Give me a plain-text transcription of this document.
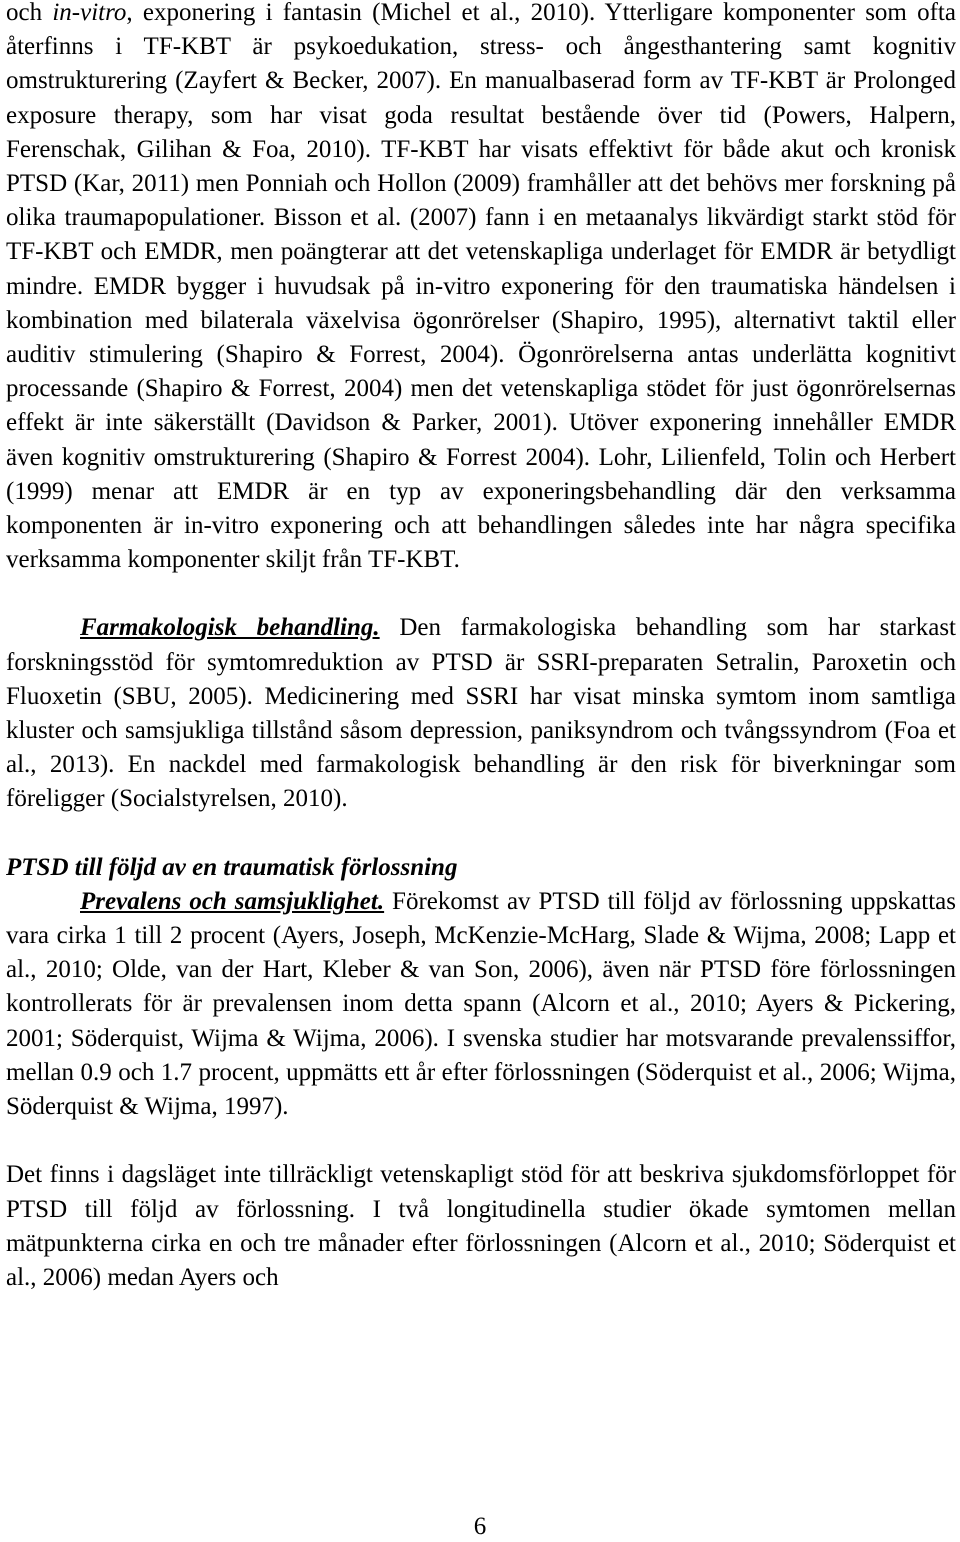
och in-vitro, exponering i fantasin (Michel et al., 2010). Ytterligare komponenter som ofta återfinns i TF-KBT är psykoedukation, stress- och ångesthantering samt kognitiv omstrukturering (Zayfert & Becker, 2007). En manualbaserad form av TF-KBT är Prolonged exposure therapy, som har visat goda resultat bestående över tid (Powers, Halpern, Ferenschak, Gilihan & Foa, 2010). TF-KBT har visats effektivt för både akut och kronisk PTSD (Kar, 2011) men Ponniah och Hollon (2009) framhåller att det behövs mer forskning på olika traumapopulationer. Bisson et al. (2007) fann i en metaanalys likvärdigt starkt stöd för TF-KBT och EMDR, men poängterar att det vetenskapliga underlaget för EMDR är betydligt mindre. EMDR bygger i huvudsak på in-vitro exponering för den traumatiska händelsen i kombination med bilaterala växelvisa ögonrörelser (Shapiro, 1995), alternativt taktil eller auditiv stimulering (Shapiro & Forrest, 2004). Ögonrörelserna antas underlätta kognitivt processande (Shapiro & Forrest, 2004) men det vetenskapliga stödet för just ögonrörelsernas effekt är inte säkerställt (Davidson & Parker, 2001). Utöver exponering innehåller EMDR även kognitiv omstrukturering (Shapiro & Forrest 2004). Lohr, Lilienfeld, Tolin och Herbert (1999) menar att EMDR är en typ av exponeringsbehandling där den verksamma komponenten är in-vitro exponering och att behandlingen således inte har några specifika verksamma komponenter skiljt från TF-KBT.

Farmakologisk behandling. Den farmakologiska behandling som har starkast forskningsstöd för symtomreduktion av PTSD är SSRI-preparaten Setralin, Paroxetin och Fluoxetin (SBU, 2005). Medicinering med SSRI har visat minska symtom inom samtliga kluster och samsjukliga tillstånd såsom depression, paniksyndrom och tvångssyndrom (Foa et al., 2013). En nackdel med farmakologisk behandling är den risk för biverkningar som föreligger (Socialstyrelsen, 2010).

PTSD till följd av en traumatisk förlossning

Prevalens och samsjuklighet. Förekomst av PTSD till följd av förlossning uppskattas vara cirka 1 till 2 procent (Ayers, Joseph, McKenzie-McHarg, Slade & Wijma, 2008; Lapp et al., 2010; Olde, van der Hart, Kleber & van Son, 2006), även när PTSD före förlossningen kontrollerats för är prevalensen inom detta spann (Alcorn et al., 2010; Ayers & Pickering, 2001; Söderquist, Wijma & Wijma, 2006). I svenska studier har motsvarande prevalenssiffor, mellan 0.9 och 1.7 procent, uppmätts ett år efter förlossningen (Söderquist et al., 2006; Wijma, Söderquist & Wijma, 1997).

Det finns i dagsläget inte tillräckligt vetenskapligt stöd för att beskriva sjukdomsförloppet för PTSD till följd av förlossning. I två longitudinella studier ökade symtomen mellan mätpunkterna cirka en och tre månader efter förlossningen (Alcorn et al., 2010; Söderquist et al., 2006) medan Ayers och

6
